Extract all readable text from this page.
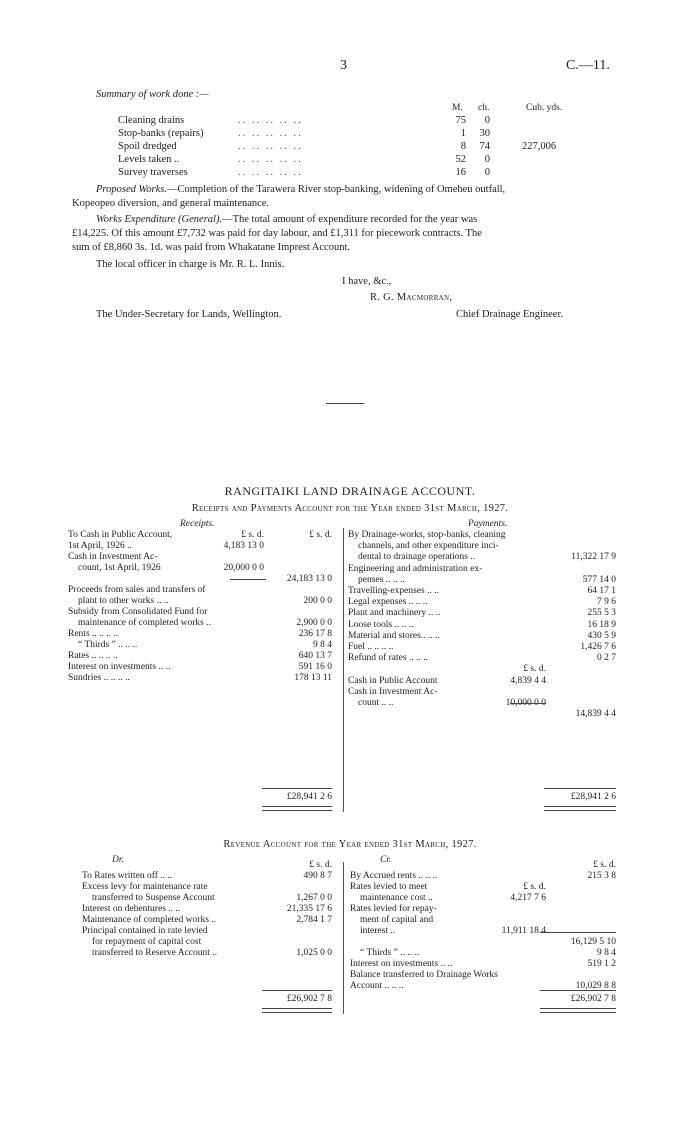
3	C.—11.
Summary of work done :—
M. ch.	Cub. yds.
Cleaning drains	.. .. .. .. ..	75	0
Stop-banks (repairs)	.. .. .. .. ..	1	30
Spoil dredged	.. .. .. .. ..	8	74	227,006
Levels taken ..	.. .. .. .. ..	52	0
Survey traverses	.. .. .. .. ..	16	0
Proposed Works.—Completion of the Tarawera River stop-banking, widening of Omeheu outfall,
Kopeopeo diversion, and general maintenance.
Works Expenditure (General).—The total amount of expenditure recorded for the year was
£14,225. Of this amount £7,732 was paid for day labour, and £1,311 for piecework contracts. The
sum of £8,860 3s. 1d. was paid from Whakatane Imprest Account.
The local officer in charge is Mr. R. L. Innis.
I have, &c.,
R. G. Macmorran,
The Under-Secretary for Lands, Wellington.	Chief Drainage Engineer.
RANGITAIKI LAND DRAINAGE ACCOUNT.
Receipts and Payments Account for the Year ended 31st March, 1927.
Receipts.	Payments.
To Cash in Public Account,	£ s. d.	£ s. d.
1st April, 1926 ..	4,183 13 0
Cash in Investment Ac-
count, 1st April, 1926	20,000 0 0
24,183 13 0
Proceeds from sales and transfers of
plant to other works .. ..	200 0 0
Subsidy from Consolidated Fund for
maintenance of completed works ..	2,900 0 0
Rents .. .. .. ..	236 17 8
“ Thirds ” .. .. ..	9 8 4
Rates .. .. .. ..	640 13 7
Interest on investments .. ..	591 16 0
Sundries .. .. .. ..	178 13 11
By Drainage-works, stop-banks, cleaning
channels, and other expenditure inci-
dental to drainage operations ..	11,322 17 9
Engineering and administration ex-
penses .. .. ..	577 14 0
Travelling-expenses .. ..	64 17 1
Legal expenses .. .. ..	7 9 6
Plant and machinery .. ..	255 5 3
Loose tools .. .. ..	16 18 9
Material and stores.. .. ..	430 5 9
Fuel .. .. .. ..	1,426 7 6
Refund of rates .. .. ..	0 2 7
£ s. d.
Cash in Public Account	4,839 4 4
Cash in Investment Ac-
count .. ..	10,000 0 0
14,839 4 4
£28,941 2 6	£28,941 2 6
Revenue Account for the Year ended 31st March, 1927.
Dr.	Cr.
£ s. d.
To Rates written off .. ..	490 8 7
Excess levy for maintenance rate
transferred to Suspense Account	1,267 0 0
Interest on debentures .. ..	21,335 17 6
Maintenance of completed works ..	2,784 1 7
Principal contained in rate levied
for repayment of capital cost
transferred to Reserve Account ..	1,025 0 0
£ s. d.
By Accrued rents .. .. ..	215 3 8
Rates levied to meet	£ s. d.
maintenance cost ..	4,217 7 6
Rates levied for repay-
ment of capital and
interest ..	11,911 18 4
16,129 5 10
“ Thirds ” .. .. ..	9 8 4
Interest on investments .. ..	519 1 2
Balance transferred to Drainage Works
Account .. .. ..	10,029 8 8
£26,902 7 8	£26,902 7 8
